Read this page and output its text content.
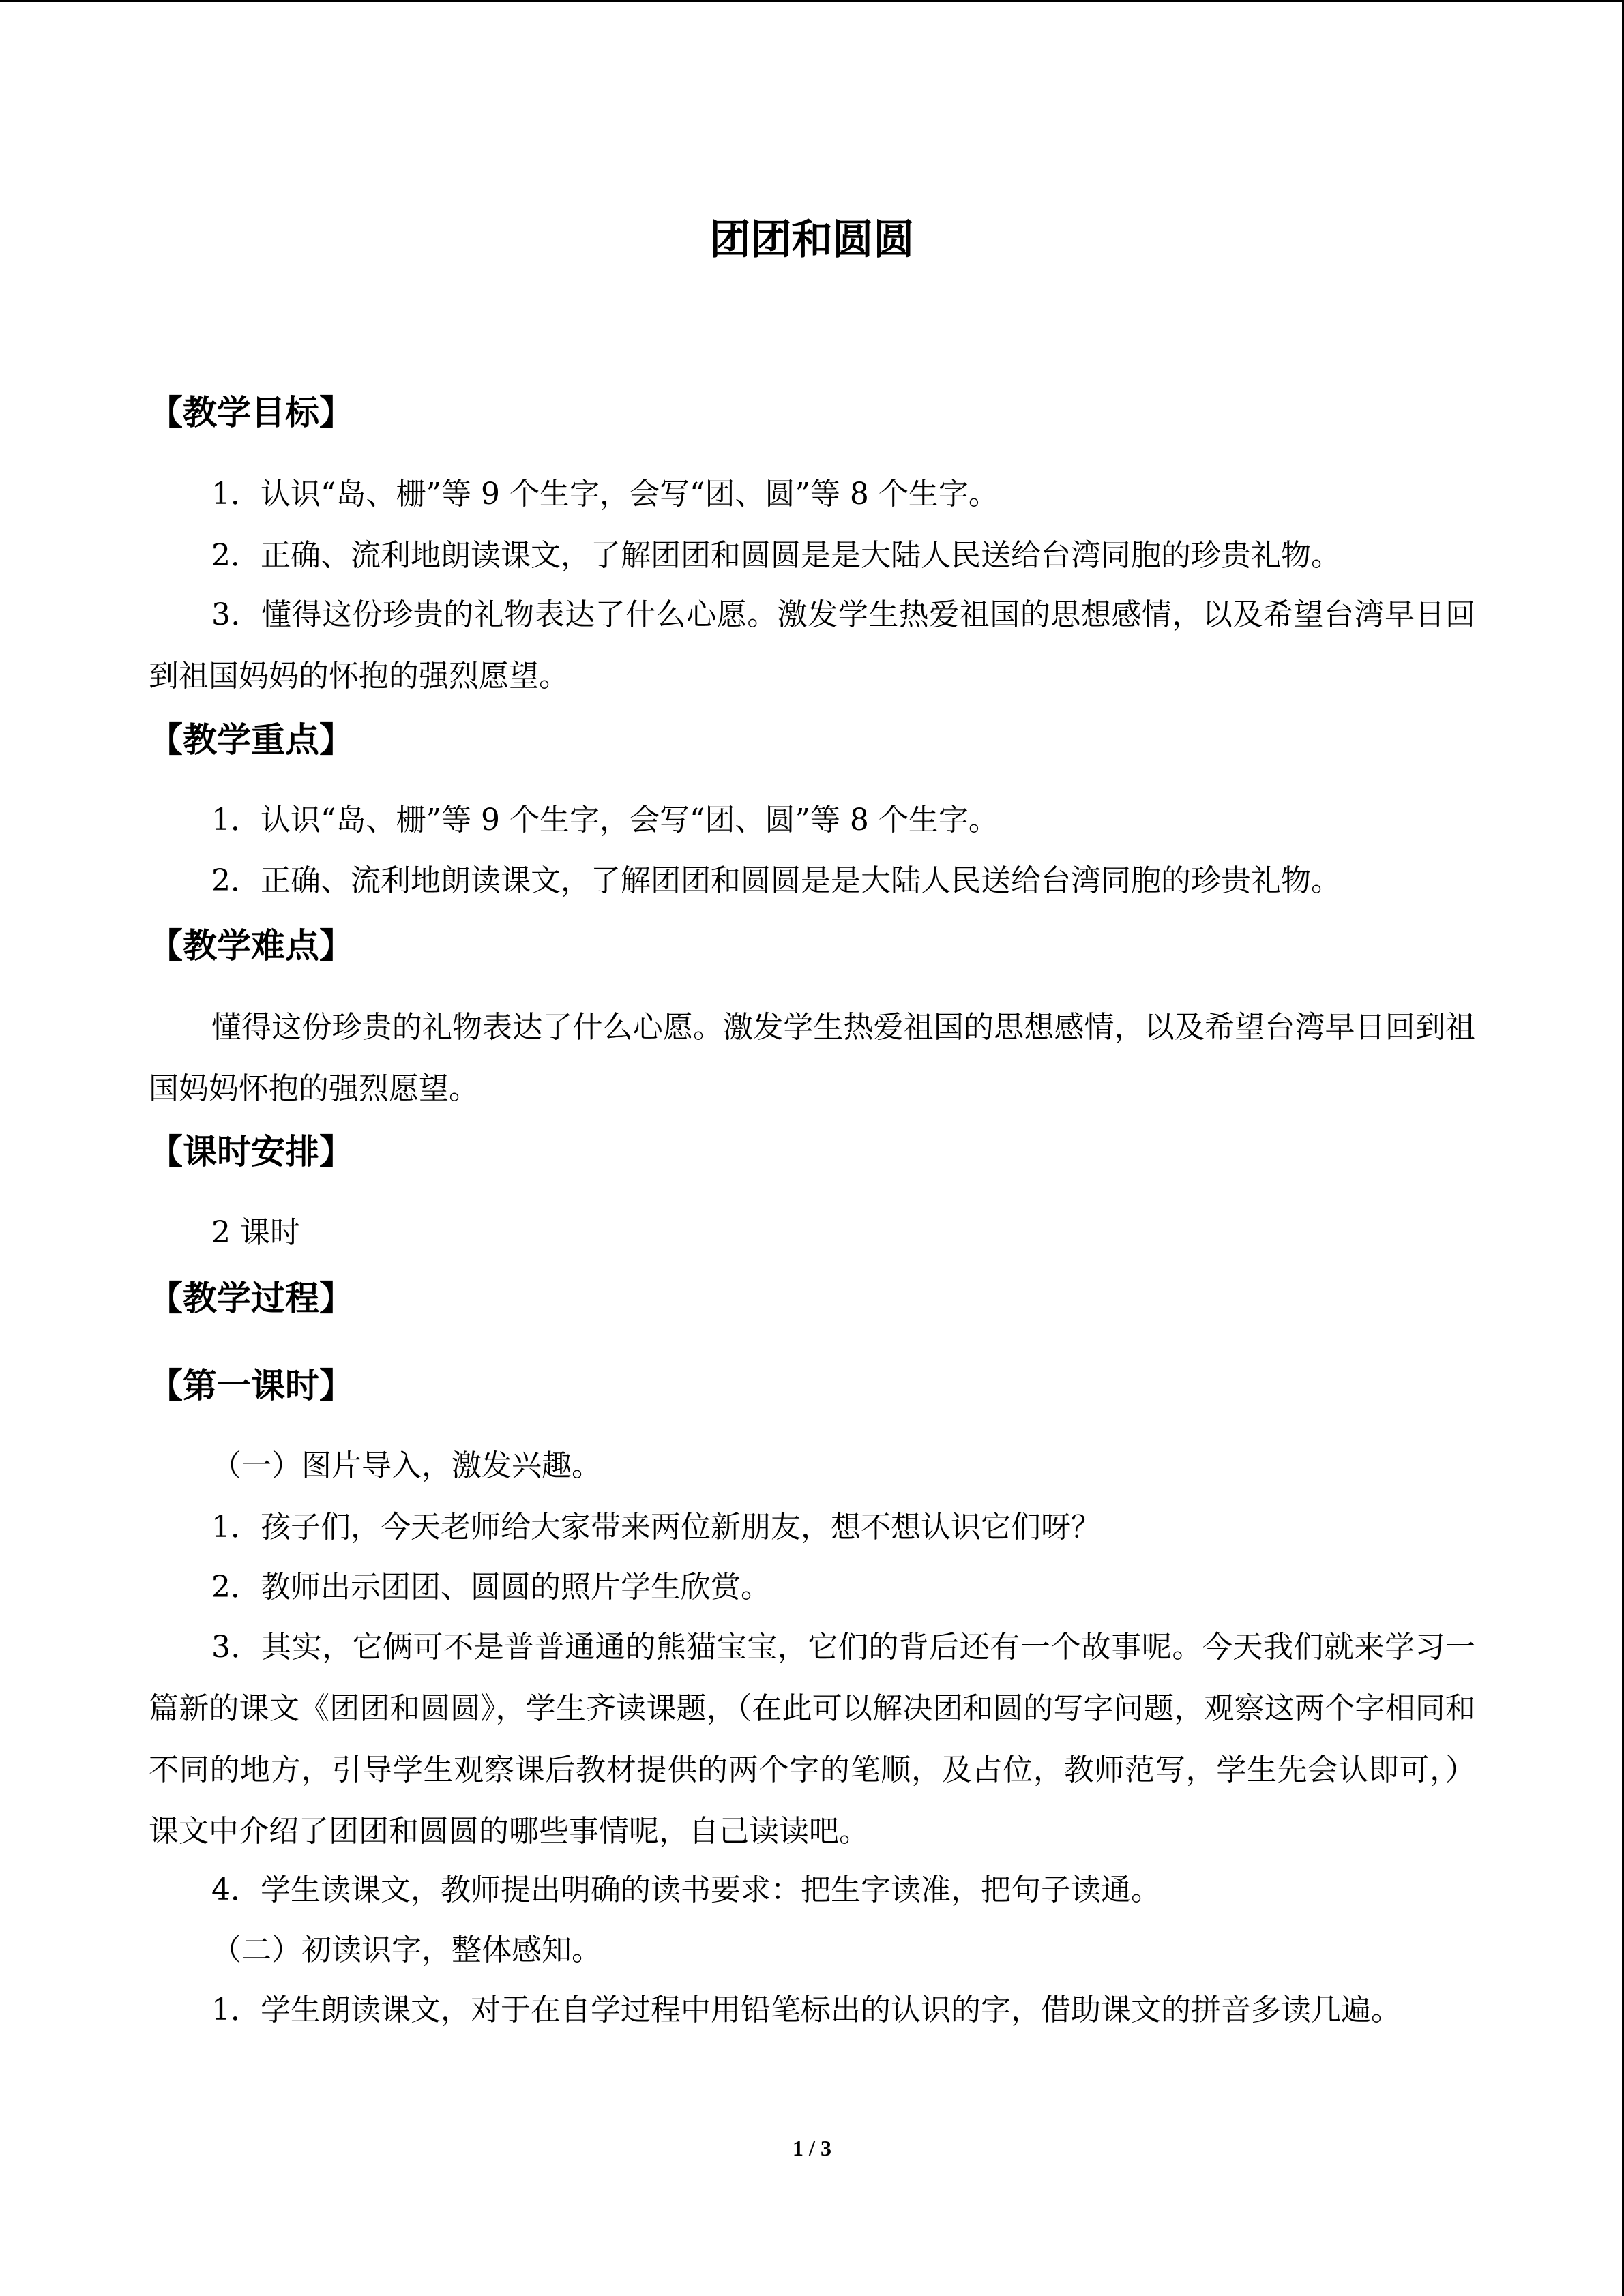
团团和圆圆
【教学目标】
1．认识“岛、栅”等 9 个生字，会写“团、圆”等 8 个生字。
2．正确、流利地朗读课文，了解团团和圆圆是是大陆人民送给台湾同胞的珍贵礼物。
3．懂得这份珍贵的礼物表达了什么心愿。激发学生热爱祖国的思想感情，以及希望台湾早日回到祖国妈妈的怀抱的强烈愿望。
【教学重点】
1．认识“岛、栅”等 9 个生字，会写“团、圆”等 8 个生字。
2．正确、流利地朗读课文，了解团团和圆圆是是大陆人民送给台湾同胞的珍贵礼物。
【教学难点】
懂得这份珍贵的礼物表达了什么心愿。激发学生热爱祖国的思想感情，以及希望台湾早日回到祖国妈妈怀抱的强烈愿望。
【课时安排】
2 课时
【教学过程】
【第一课时】
（一）图片导入，激发兴趣。
1．孩子们，今天老师给大家带来两位新朋友，想不想认识它们呀？
2．教师出示团团、圆圆的照片学生欣赏。
3．其实，它俩可不是普普通通的熊猫宝宝，它们的背后还有一个故事呢。今天我们就来学习一篇新的课文《团团和圆圆》，学生齐读课题，（在此可以解决团和圆的写字问题，观察这两个字相同和不同的地方，引导学生观察课后教材提供的两个字的笔顺，及占位，教师范写，学生先会认即可，）课文中介绍了团团和圆圆的哪些事情呢，自己读读吧。
4．学生读课文，教师提出明确的读书要求：把生字读准，把句子读通。
（二）初读识字，整体感知。
1．学生朗读课文，对于在自学过程中用铅笔标出的认识的字，借助课文的拼音多读几遍。
1 / 3
